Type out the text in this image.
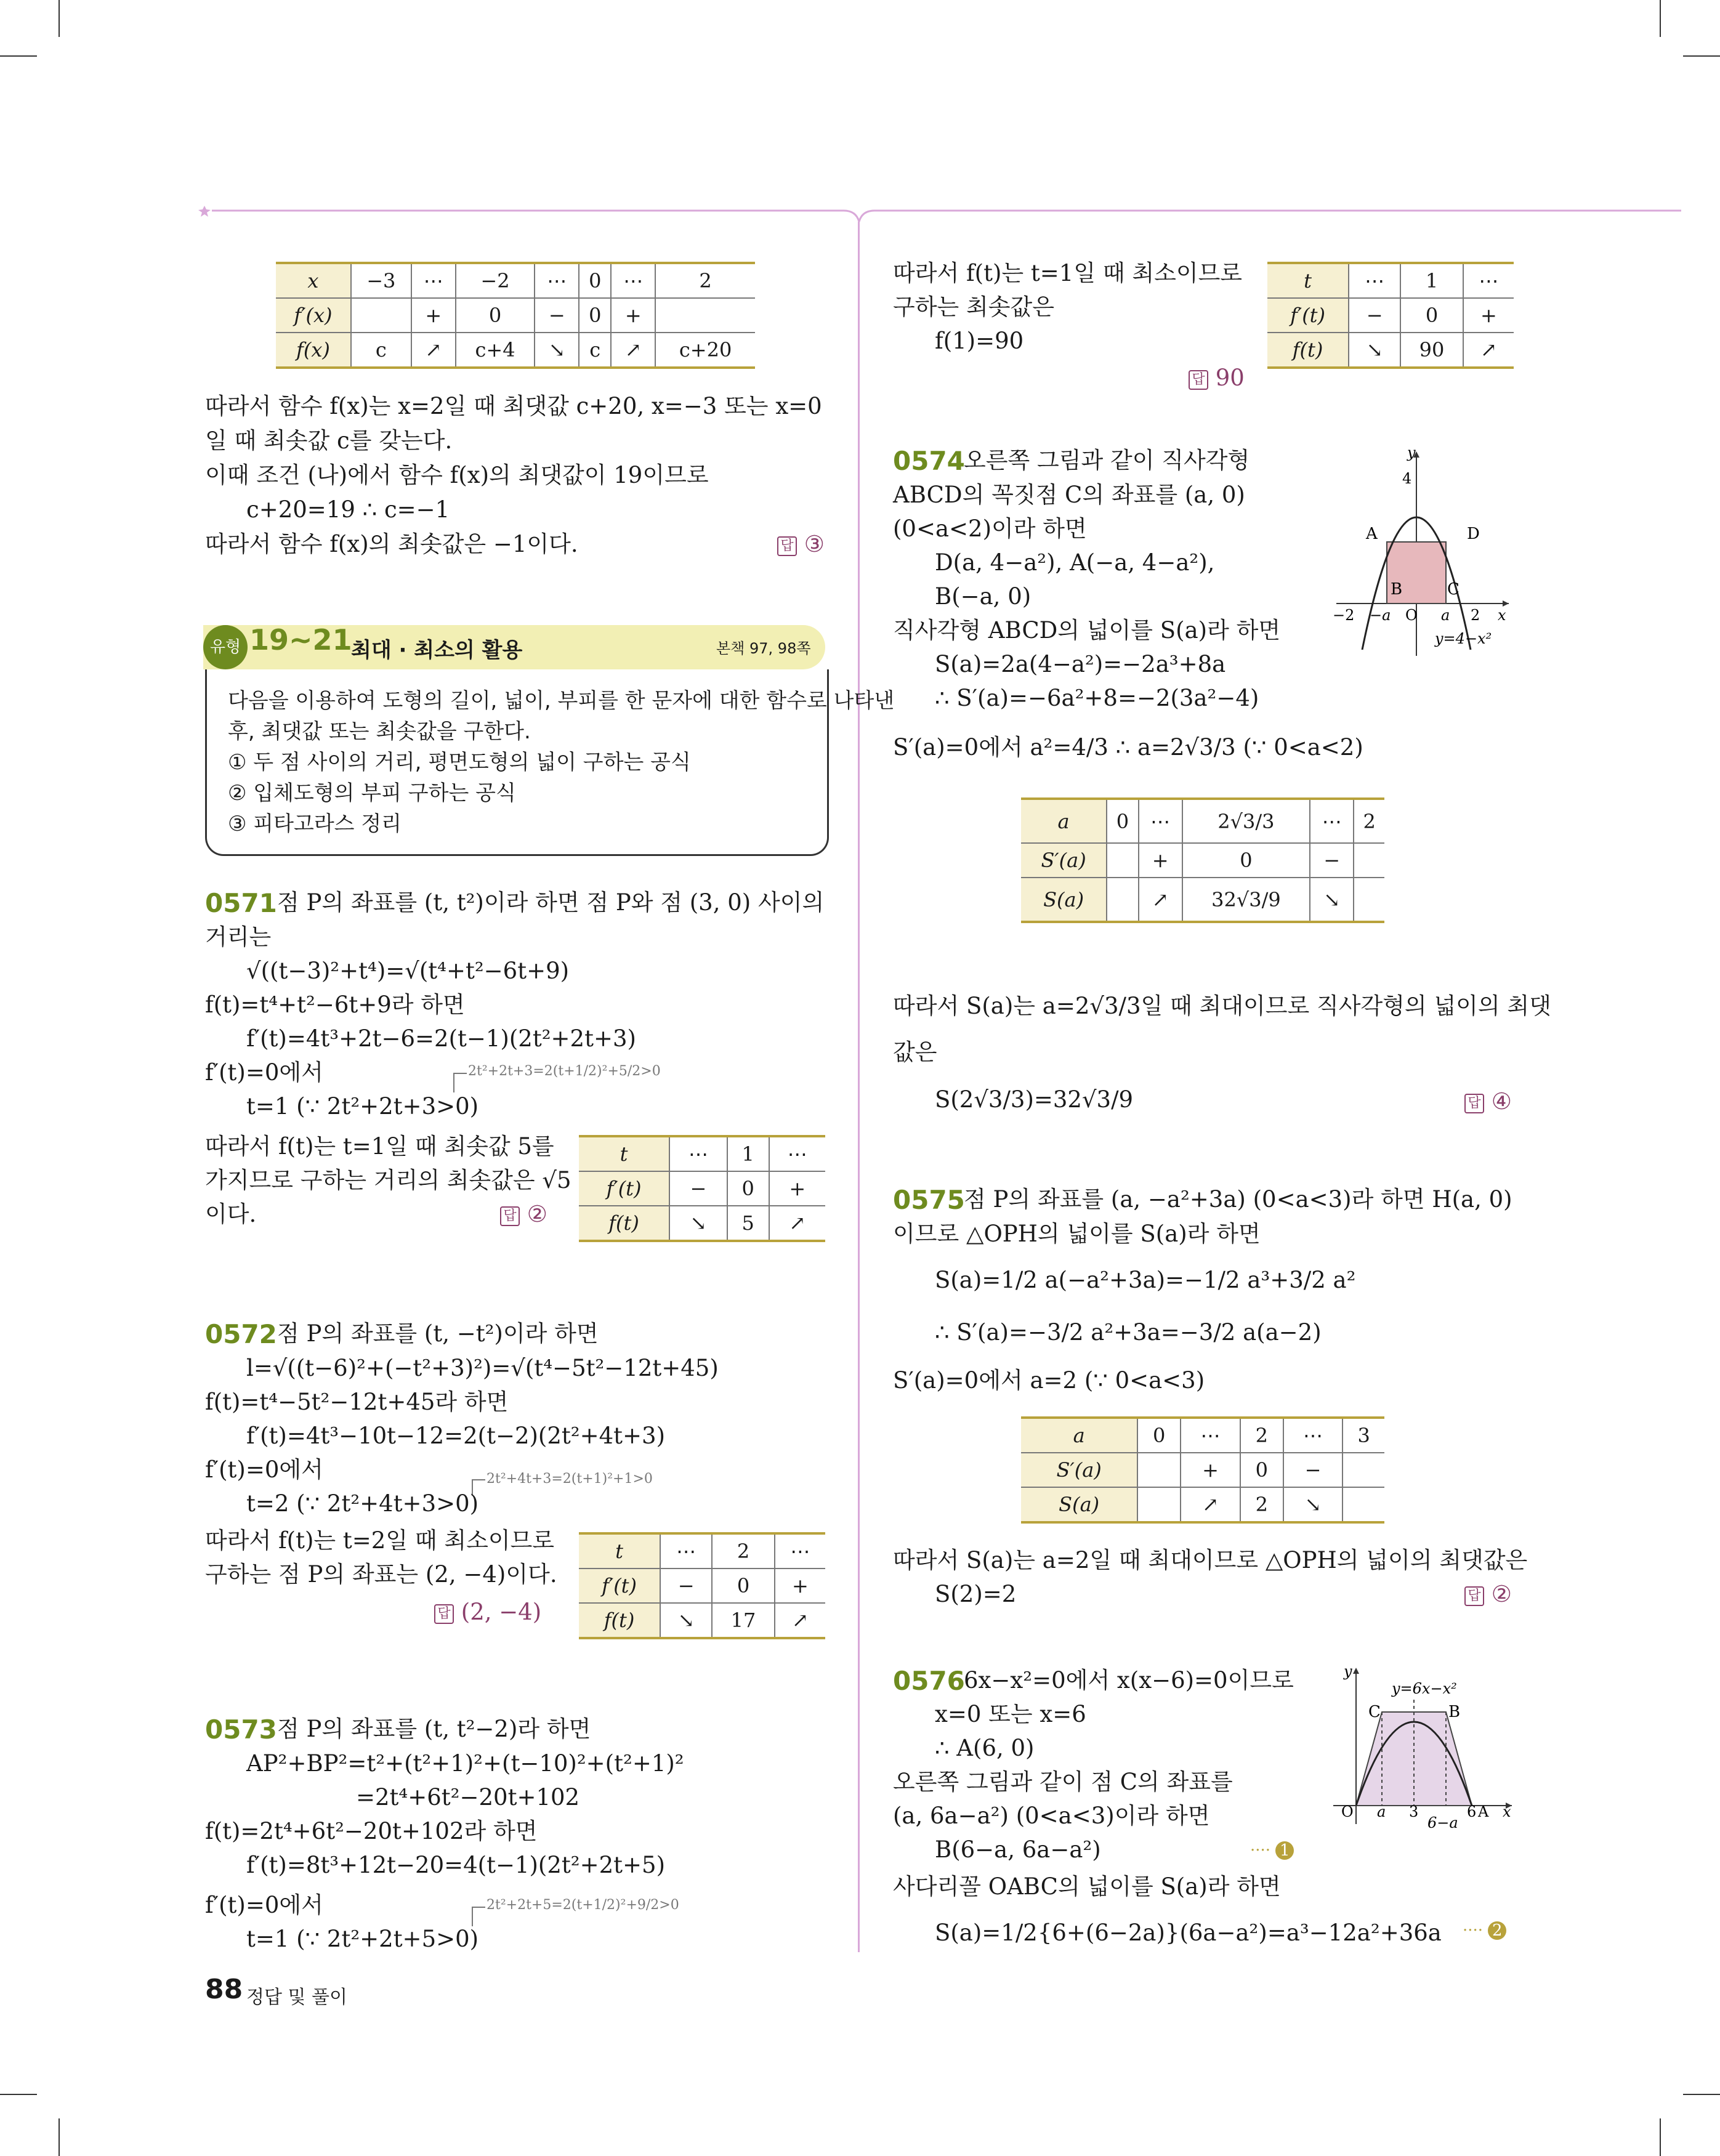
x	−3	⋯	−2	⋯	0	⋯	2
f′(x)		+	0	−	0	+	
f(x)	c	↗	c+4	↘	c	↗	c+20
따라서 함수 f(x)는 x=2일 때 최댓값 c+20, x=−3 또는 x=0
일 때 최솟값 c를 갖는다.
이때 조건 (나)에서 함수 f(x)의 최댓값이 19이므로
c+20=19 ∴ c=−1
따라서 함수 f(x)의 최솟값은 −1이다.	답 ③
유형 19~21
최대 · 최소의 활용	본책 97, 98쪽
다음을 이용하여 도형의 길이, 넓이, 부피를 한 문자에 대한 함수로 나타낸
후, 최댓값 또는 최솟값을 구한다.
① 두 점 사이의 거리, 평면도형의 넓이 구하는 공식
② 입체도형의 부피 구하는 공식
③ 피타고라스 정리
0571 점 P의 좌표를 (t, t²)이라 하면 점 P와 점 (3, 0) 사이의
거리는
√((t−3)²+t⁴)=√(t⁴+t²−6t+9)
f(t)=t⁴+t²−6t+9라 하면
f′(t)=4t³+2t−6=2(t−1)(2t²+2t+3)
f′(t)=0에서	2t²+2t+3=2(t+1/2)²+5/2>0
t=1 (∵ 2t²+2t+3>0)
따라서 f(t)는 t=1일 때 최솟값 5를
가지므로 구하는 거리의 최솟값은 √5
이다.	답 ②
t	⋯	1	⋯
f′(t)	−	0	+
f(t)	↘	5	↗
0572 점 P의 좌표를 (t, −t²)이라 하면
l=√((t−6)²+(−t²+3)²)=√(t⁴−5t²−12t+45)
f(t)=t⁴−5t²−12t+45라 하면
f′(t)=4t³−10t−12=2(t−2)(2t²+4t+3)
f′(t)=0에서	2t²+4t+3=2(t+1)²+1>0
t=2 (∵ 2t²+4t+3>0)
따라서 f(t)는 t=2일 때 최소이므로
구하는 점 P의 좌표는 (2, −4)이다.
답 (2, −4)
t	⋯	2	⋯
f′(t)	−	0	+
f(t)	↘	17	↗
0573 점 P의 좌표를 (t, t²−2)라 하면
AP²+BP²=t²+(t²+1)²+(t−10)²+(t²+1)²
=2t⁴+6t²−20t+102
f(t)=2t⁴+6t²−20t+102라 하면
f′(t)=8t³+12t−20=4(t−1)(2t²+2t+5)
f′(t)=0에서	2t²+2t+5=2(t+1/2)²+9/2>0
t=1 (∵ 2t²+2t+5>0)
88 정답 및 풀이
따라서 f(t)는 t=1일 때 최소이므로
구하는 최솟값은
f(1)=90
답 90
t	⋯	1	⋯
f′(t)	−	0	+
f(t)	↘	90	↗
0574
오른쪽 그림과 같이 직사각형
ABCD의 꼭짓점 C의 좌표를 (a, 0)
(0<a<2)이라 하면
D(a, 4−a²), A(−a, 4−a²),
B(−a, 0)
직사각형 ABCD의 넓이를 S(a)라 하면
S(a)=2a(4−a²)=−2a³+8a
∴ S′(a)=−6a²+8=−2(3a²−4)
S′(a)=0에서 a²=4/3 ∴ a=2√3/3 (∵ 0<a<2)
y
4
A	D
B	C
O
−2 −a	a 2 x
y=4−x²
a	0	⋯	2√3/3	⋯	2
S′(a)		+	0	−	
S(a)		↗	32√3/9	↘	
따라서 S(a)는 a=2√3/3일 때 최대이므로 직사각형의 넓이의 최댓
값은
S(2√3/3)=32√3/9	답 ④
0575
점 P의 좌표를 (a, −a²+3a) (0<a<3)라 하면 H(a, 0)
이므로 △OPH의 넓이를 S(a)라 하면
S(a)=1/2 a(−a²+3a)=−1/2 a³+3/2 a²
∴ S′(a)=−3/2 a²+3a=−3/2 a(a−2)
S′(a)=0에서 a=2 (∵ 0<a<3)
a	0	⋯	2	⋯	3
S′(a)		+	0	−	
S(a)		↗	2	↘	
따라서 S(a)는 a=2일 때 최대이므로 △OPH의 넓이의 최댓값은
S(2)=2	답 ②
0576
6x−x²=0에서 x(x−6)=0이므로
x=0 또는 x=6
∴ A(6, 0)
오른쪽 그림과 같이 점 C의 좌표를
(a, 6a−a²) (0<a<3)이라 하면
B(6−a, 6a−a²)
사다리꼴 OABC의 넓이를 S(a)라 하면
S(a)=1/2{6+(6−2a)}(6a−a²)=a³−12a²+36a
···· 1
···· 2
y
y=6x−x²
C	B
O a 3	6 A x
6−a
